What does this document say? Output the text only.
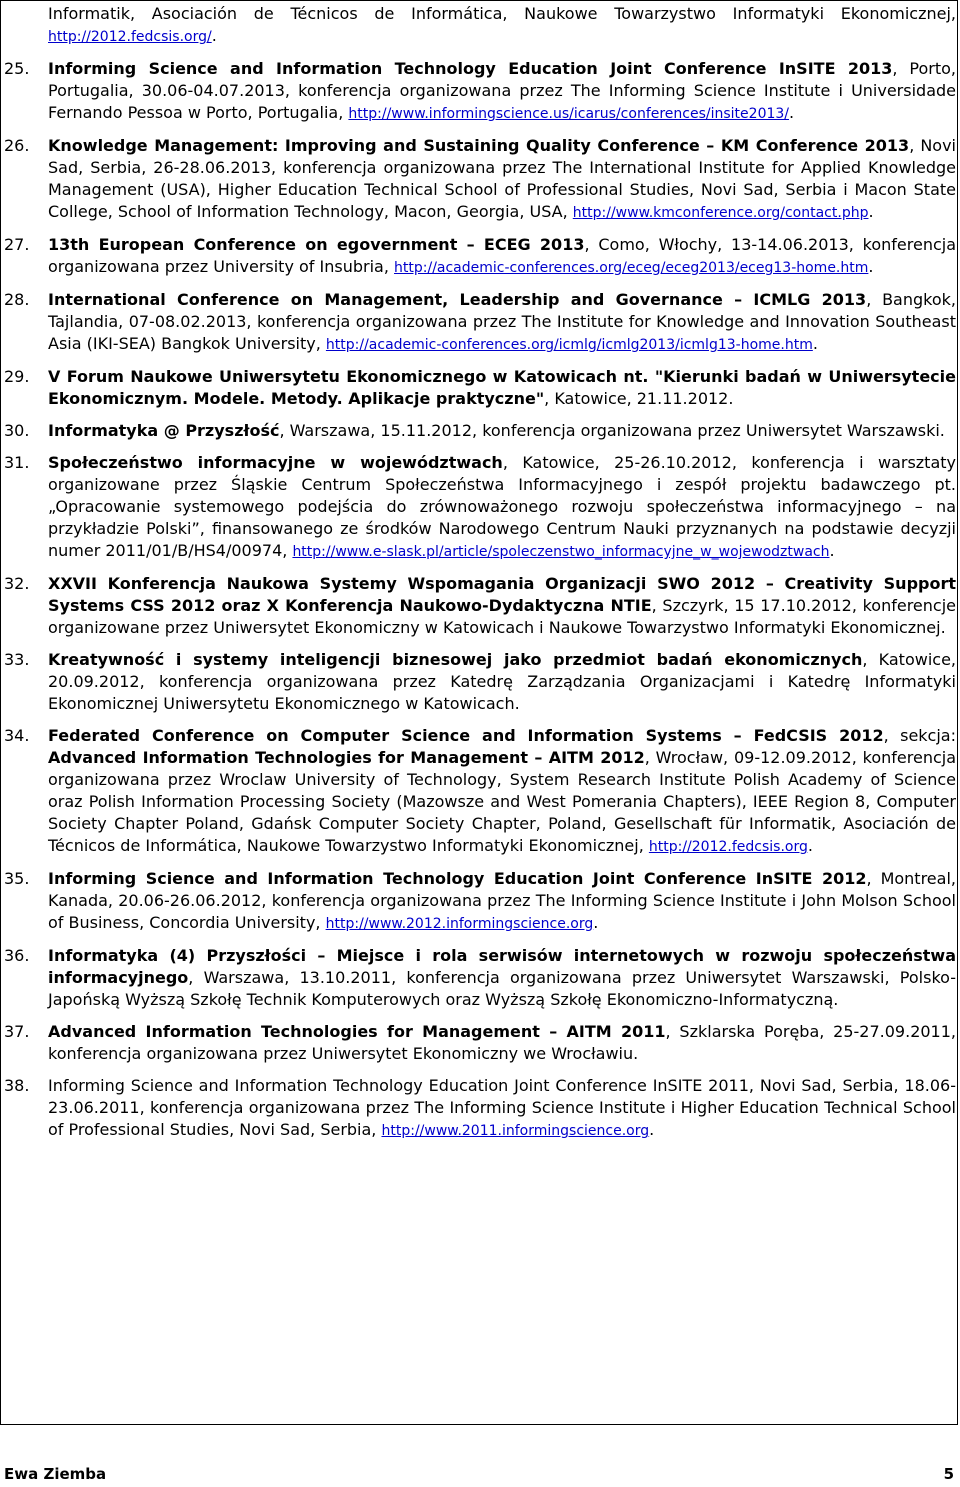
Informatik, Asociación de Técnicos de Informática, Naukowe Towarzystwo Informatyki Ekonomicznej, http://2012.fedcsis.org/.
25.	Informing Science and Information Technology Education Joint Conference InSITE 2013, Porto, Portugalia, 30.06-04.07.2013, konferencja organizowana przez The Informing Science Institute i Universidade Fernando Pessoa w Porto, Portugalia, http://www.informingscience.us/icarus/conferences/insite2013/.
26.	Knowledge Management: Improving and Sustaining Quality Conference – KM Conference 2013, Novi Sad, Serbia, 26-28.06.2013, konferencja organizowana przez The International Institute for Applied Knowledge Management (USA), Higher Education Technical School of Professional Studies, Novi Sad, Serbia i Macon State College, School of Information Technology, Macon, Georgia, USA, http://www.kmconference.org/contact.php.
27.	13th European Conference on egovernment – ECEG 2013, Como, Włochy, 13-14.06.2013, konferencja organizowana przez University of Insubria, http://academic-conferences.org/eceg/eceg2013/eceg13-home.htm.
28.	International Conference on Management, Leadership and Governance – ICMLG 2013, Bangkok, Tajlandia, 07-08.02.2013, konferencja organizowana przez The Institute for Knowledge and Innovation Southeast Asia (IKI-SEA) Bangkok University, http://academic-conferences.org/icmlg/icmlg2013/icmlg13-home.htm.
29.	V Forum Naukowe Uniwersytetu Ekonomicznego w Katowicach nt. "Kierunki badań w Uniwersytecie Ekonomicznym. Modele. Metody. Aplikacje praktyczne", Katowice, 21.11.2012.
30.	Informatyka @ Przyszłość, Warszawa, 15.11.2012, konferencja organizowana przez Uniwersytet Warszawski.
31.	Społeczeństwo informacyjne w województwach, Katowice, 25-26.10.2012, konferencja i warsztaty organizowane przez Śląskie Centrum Społeczeństwa Informacyjnego i zespół projektu badawczego pt. „Opracowanie systemowego podejścia do zrównoważonego rozwoju społeczeństwa informacyjnego – na przykładzie Polski”, finansowanego ze środków Narodowego Centrum Nauki przyznanych na podstawie decyzji numer 2011/01/B/HS4/00974, http://www.e-slask.pl/article/spoleczenstwo_informacyjne_w_wojewodztwach.
32.	XXVII Konferencja Naukowa Systemy Wspomagania Organizacji SWO 2012 – Creativity Support Systems CSS 2012 oraz X Konferencja Naukowo-Dydaktyczna NTIE, Szczyrk, 15 17.10.2012, konferencje organizowane przez Uniwersytet Ekonomiczny w Katowicach i Naukowe Towarzystwo Informatyki Ekonomicznej.
33.	Kreatywność i systemy inteligencji biznesowej jako przedmiot badań ekonomicznych, Katowice, 20.09.2012, konferencja organizowana przez Katedrę Zarządzania Organizacjami i Katedrę Informatyki Ekonomicznej Uniwersytetu Ekonomicznego w Katowicach.
34.	Federated Conference on Computer Science and Information Systems – FedCSIS 2012, sekcja: Advanced Information Technologies for Management – AITM 2012, Wrocław, 09-12.09.2012, konferencja organizowana przez Wroclaw University of Technology, System Research Institute Polish Academy of Science oraz Polish Information Processing Society (Mazowsze and West Pomerania Chapters), IEEE Region 8, Computer Society Chapter Poland, Gdańsk Computer Society Chapter, Poland, Gesellschaft für Informatik, Asociación de Técnicos de Informática, Naukowe Towarzystwo Informatyki Ekonomicznej, http://2012.fedcsis.org.
35.	Informing Science and Information Technology Education Joint Conference InSITE 2012, Montreal, Kanada, 20.06-26.06.2012, konferencja organizowana przez The Informing Science Institute i John Molson School of Business, Concordia University, http://www.2012.informingscience.org.
36.	Informatyka (4) Przyszłości – Miejsce i rola serwisów internetowych w rozwoju społeczeństwa informacyjnego, Warszawa, 13.10.2011, konferencja organizowana przez Uniwersytet Warszawski, Polsko-Japońską Wyższą Szkołę Technik Komputerowych oraz Wyższą Szkołę Ekonomiczno-Informatyczną.
37.	Advanced Information Technologies for Management – AITM 2011, Szklarska Poręba, 25-27.09.2011, konferencja organizowana przez Uniwersytet Ekonomiczny we Wrocławiu.
38.	Informing Science and Information Technology Education Joint Conference InSITE 2011, Novi Sad, Serbia, 18.06-23.06.2011, konferencja organizowana przez The Informing Science Institute i Higher Education Technical School of Professional Studies, Novi Sad, Serbia, http://www.2011.informingscience.org.
Ewa Ziemba	5
